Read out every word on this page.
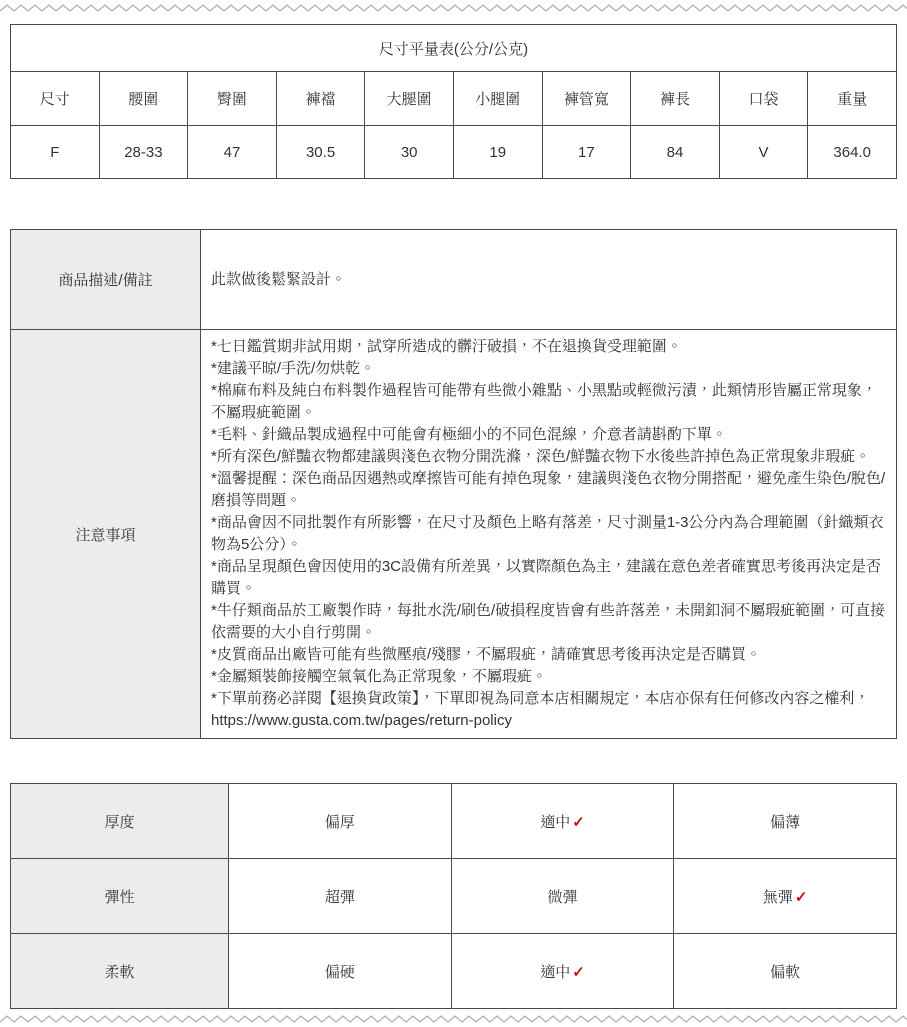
尺寸平量表(公分/公克)									
尺寸	腰圍	臀圍	褲襠	大腿圍	小腿圍	褲管寬	褲長	口袋	重量
F	28-33	47	30.5	30	19	17	84	V	364.0
商品描述/備註	此款做後鬆緊設計。
注意事項	
*七日鑑賞期非試用期，試穿所造成的髒汙破損，不在退換貨受理範圍。
*建議平晾/手洗/勿烘乾。
*棉麻布料及純白布料製作過程皆可能帶有些微小雜點、小黑點或輕微污漬，此類情形皆屬正常現象，不屬瑕疵範圍。
*毛料、針織品製成過程中可能會有極細小的不同色混線，介意者請斟酌下單。
*所有深色/鮮豔衣物都建議與淺色衣物分開洗滌，深色/鮮豔衣物下水後些許掉色為正常現象非瑕疵。
*溫馨提醒：深色商品因遇熱或摩擦皆可能有掉色現象，建議與淺色衣物分開搭配，避免產生染色/脫色/磨損等問題。
*商品會因不同批製作有所影響，在尺寸及顏色上略有落差，尺寸測量1-3公分內為合理範圍（針織類衣物為5公分）。
*商品呈現顏色會因使用的3C設備有所差異，以實際顏色為主，建議在意色差者確實思考後再決定是否購買。
*牛仔類商品於工廠製作時，每批水洗/刷色/破損程度皆會有些許落差，未開釦洞不屬瑕疵範圍，可直接依需要的大小自行剪開。
*皮質商品出廠皆可能有些微壓痕/殘膠，不屬瑕疵，請確實思考後再決定是否購買。
*金屬類裝飾接觸空氣氧化為正常現象，不屬瑕疵。
*下單前務必詳閱【退換貨政策】，下單即視為同意本店相關規定，本店亦保有任何修改內容之權利，
https://www.gusta.com.tw/pages/return-policy
厚度	偏厚	適中 ✓	偏薄
彈性	超彈	微彈	無彈 ✓
柔軟	偏硬	適中 ✓	偏軟
